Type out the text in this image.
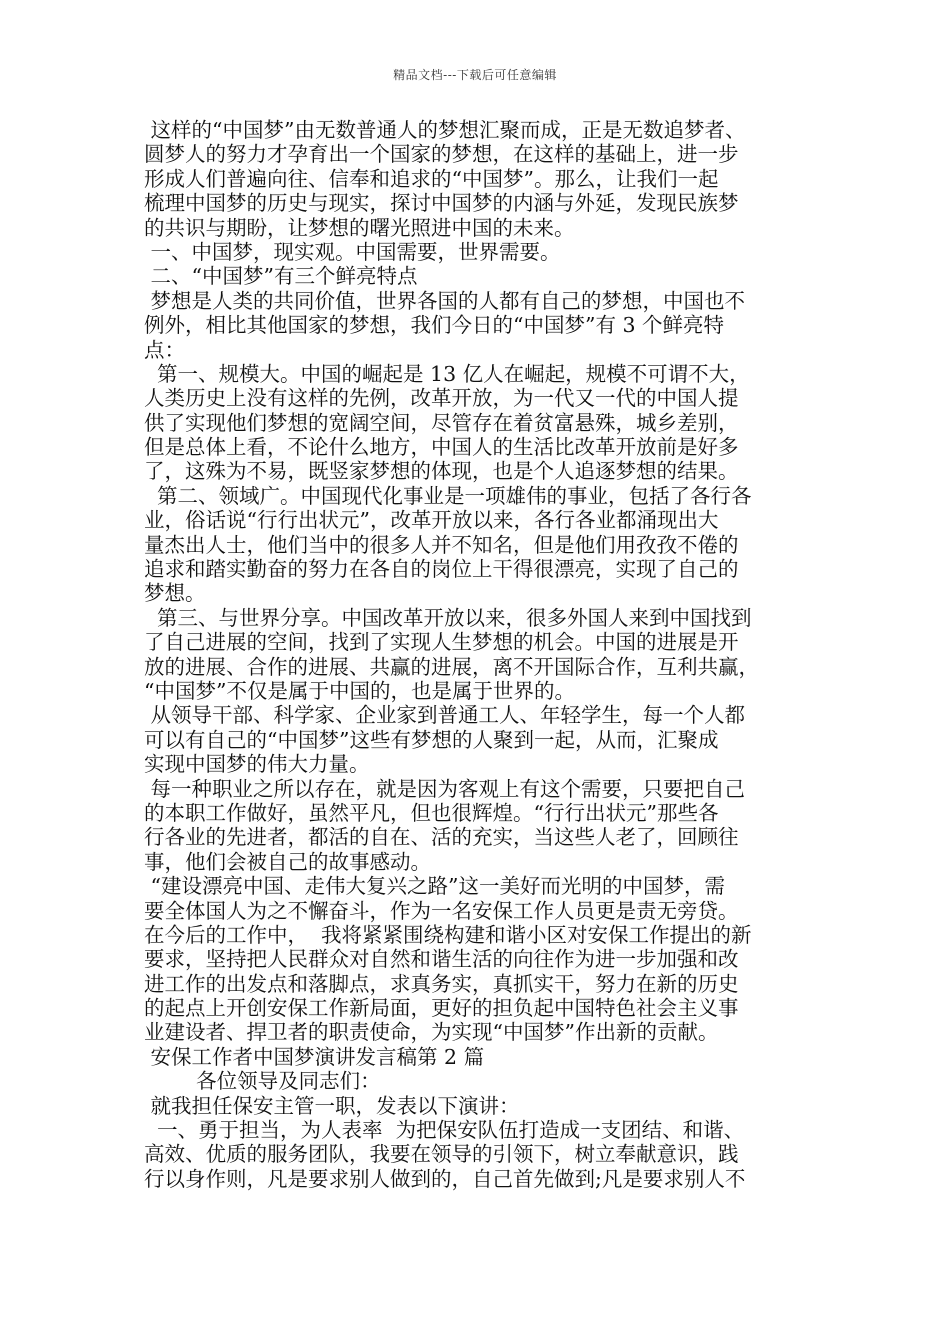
精品文档---下载后可任意编辑
这样的“中国梦”由无数普通人的梦想汇聚而成，正是无数追梦者、
圆梦人的努力才孕育出一个国家的梦想，在这样的基础上，进一步
形成人们普遍向往、信奉和追求的“中国梦”。那么，让我们一起
梳理中国梦的历史与现实，探讨中国梦的内涵与外延，发现民族梦
的共识与期盼，让梦想的曙光照进中国的未来。
一、中国梦，现实观。中国需要，世界需要。
二、“中国梦”有三个鲜亮特点
梦想是人类的共同价值，世界各国的人都有自己的梦想，中国也不
例外，相比其他国家的梦想，我们今日的“中国梦”有 3 个鲜亮特
点：
第一、规模大。中国的崛起是 13 亿人在崛起，规模不可谓不大，
人类历史上没有这样的先例，改革开放，为一代又一代的中国人提
供了实现他们梦想的宽阔空间，尽管存在着贫富悬殊，城乡差别，
但是总体上看，不论什么地方，中国人的生活比改革开放前是好多
了，这殊为不易，既竖家梦想的体现，也是个人追逐梦想的结果。
第二、领域广。中国现代化事业是一项雄伟的事业，包括了各行各
业，俗话说“行行出状元”，改革开放以来，各行各业都涌现出大
量杰出人士，他们当中的很多人并不知名，但是他们用孜孜不倦的
追求和踏实勤奋的努力在各自的岗位上干得很漂亮，实现了自己的
梦想。
第三、与世界分享。中国改革开放以来，很多外国人来到中国找到
了自己进展的空间，找到了实现人生梦想的机会。中国的进展是开
放的进展、合作的进展、共赢的进展，离不开国际合作，互利共赢，
“中国梦”不仅是属于中国的，也是属于世界的。
从领导干部、科学家、企业家到普通工人、年轻学生，每一个人都
可以有自己的“中国梦”这些有梦想的人聚到一起，从而，汇聚成
实现中国梦的伟大力量。
每一种职业之所以存在，就是因为客观上有这个需要，只要把自己
的本职工作做好，虽然平凡，但也很辉煌。“行行出状元”那些各
行各业的先进者，都活的自在、活的充实，当这些人老了，回顾往
事，他们会被自己的故事感动。
“建设漂亮中国、走伟大复兴之路”这一美好而光明的中国梦，需
要全体国人为之不懈奋斗，作为一名安保工作人员更是责无旁贷。
在今后的工作中，  我将紧紧围绕构建和谐小区对安保工作提出的新
要求，坚持把人民群众对自然和谐生活的向往作为进一步加强和改
进工作的出发点和落脚点，求真务实，真抓实干，努力在新的历史
的起点上开创安保工作新局面，更好的担负起中国特色社会主义事
业建设者、捍卫者的职责使命，为实现“中国梦”作出新的贡献。
安保工作者中国梦演讲发言稿第 2 篇
各位领导及同志们：
就我担任保安主管一职，发表以下演讲：
一、勇于担当，为人表率  为把保安队伍打造成一支团结、和谐、
高效、优质的服务团队，我要在领导的引领下，树立奉献意识，践
行以身作则，凡是要求别人做到的，自己首先做到;凡是要求别人不
